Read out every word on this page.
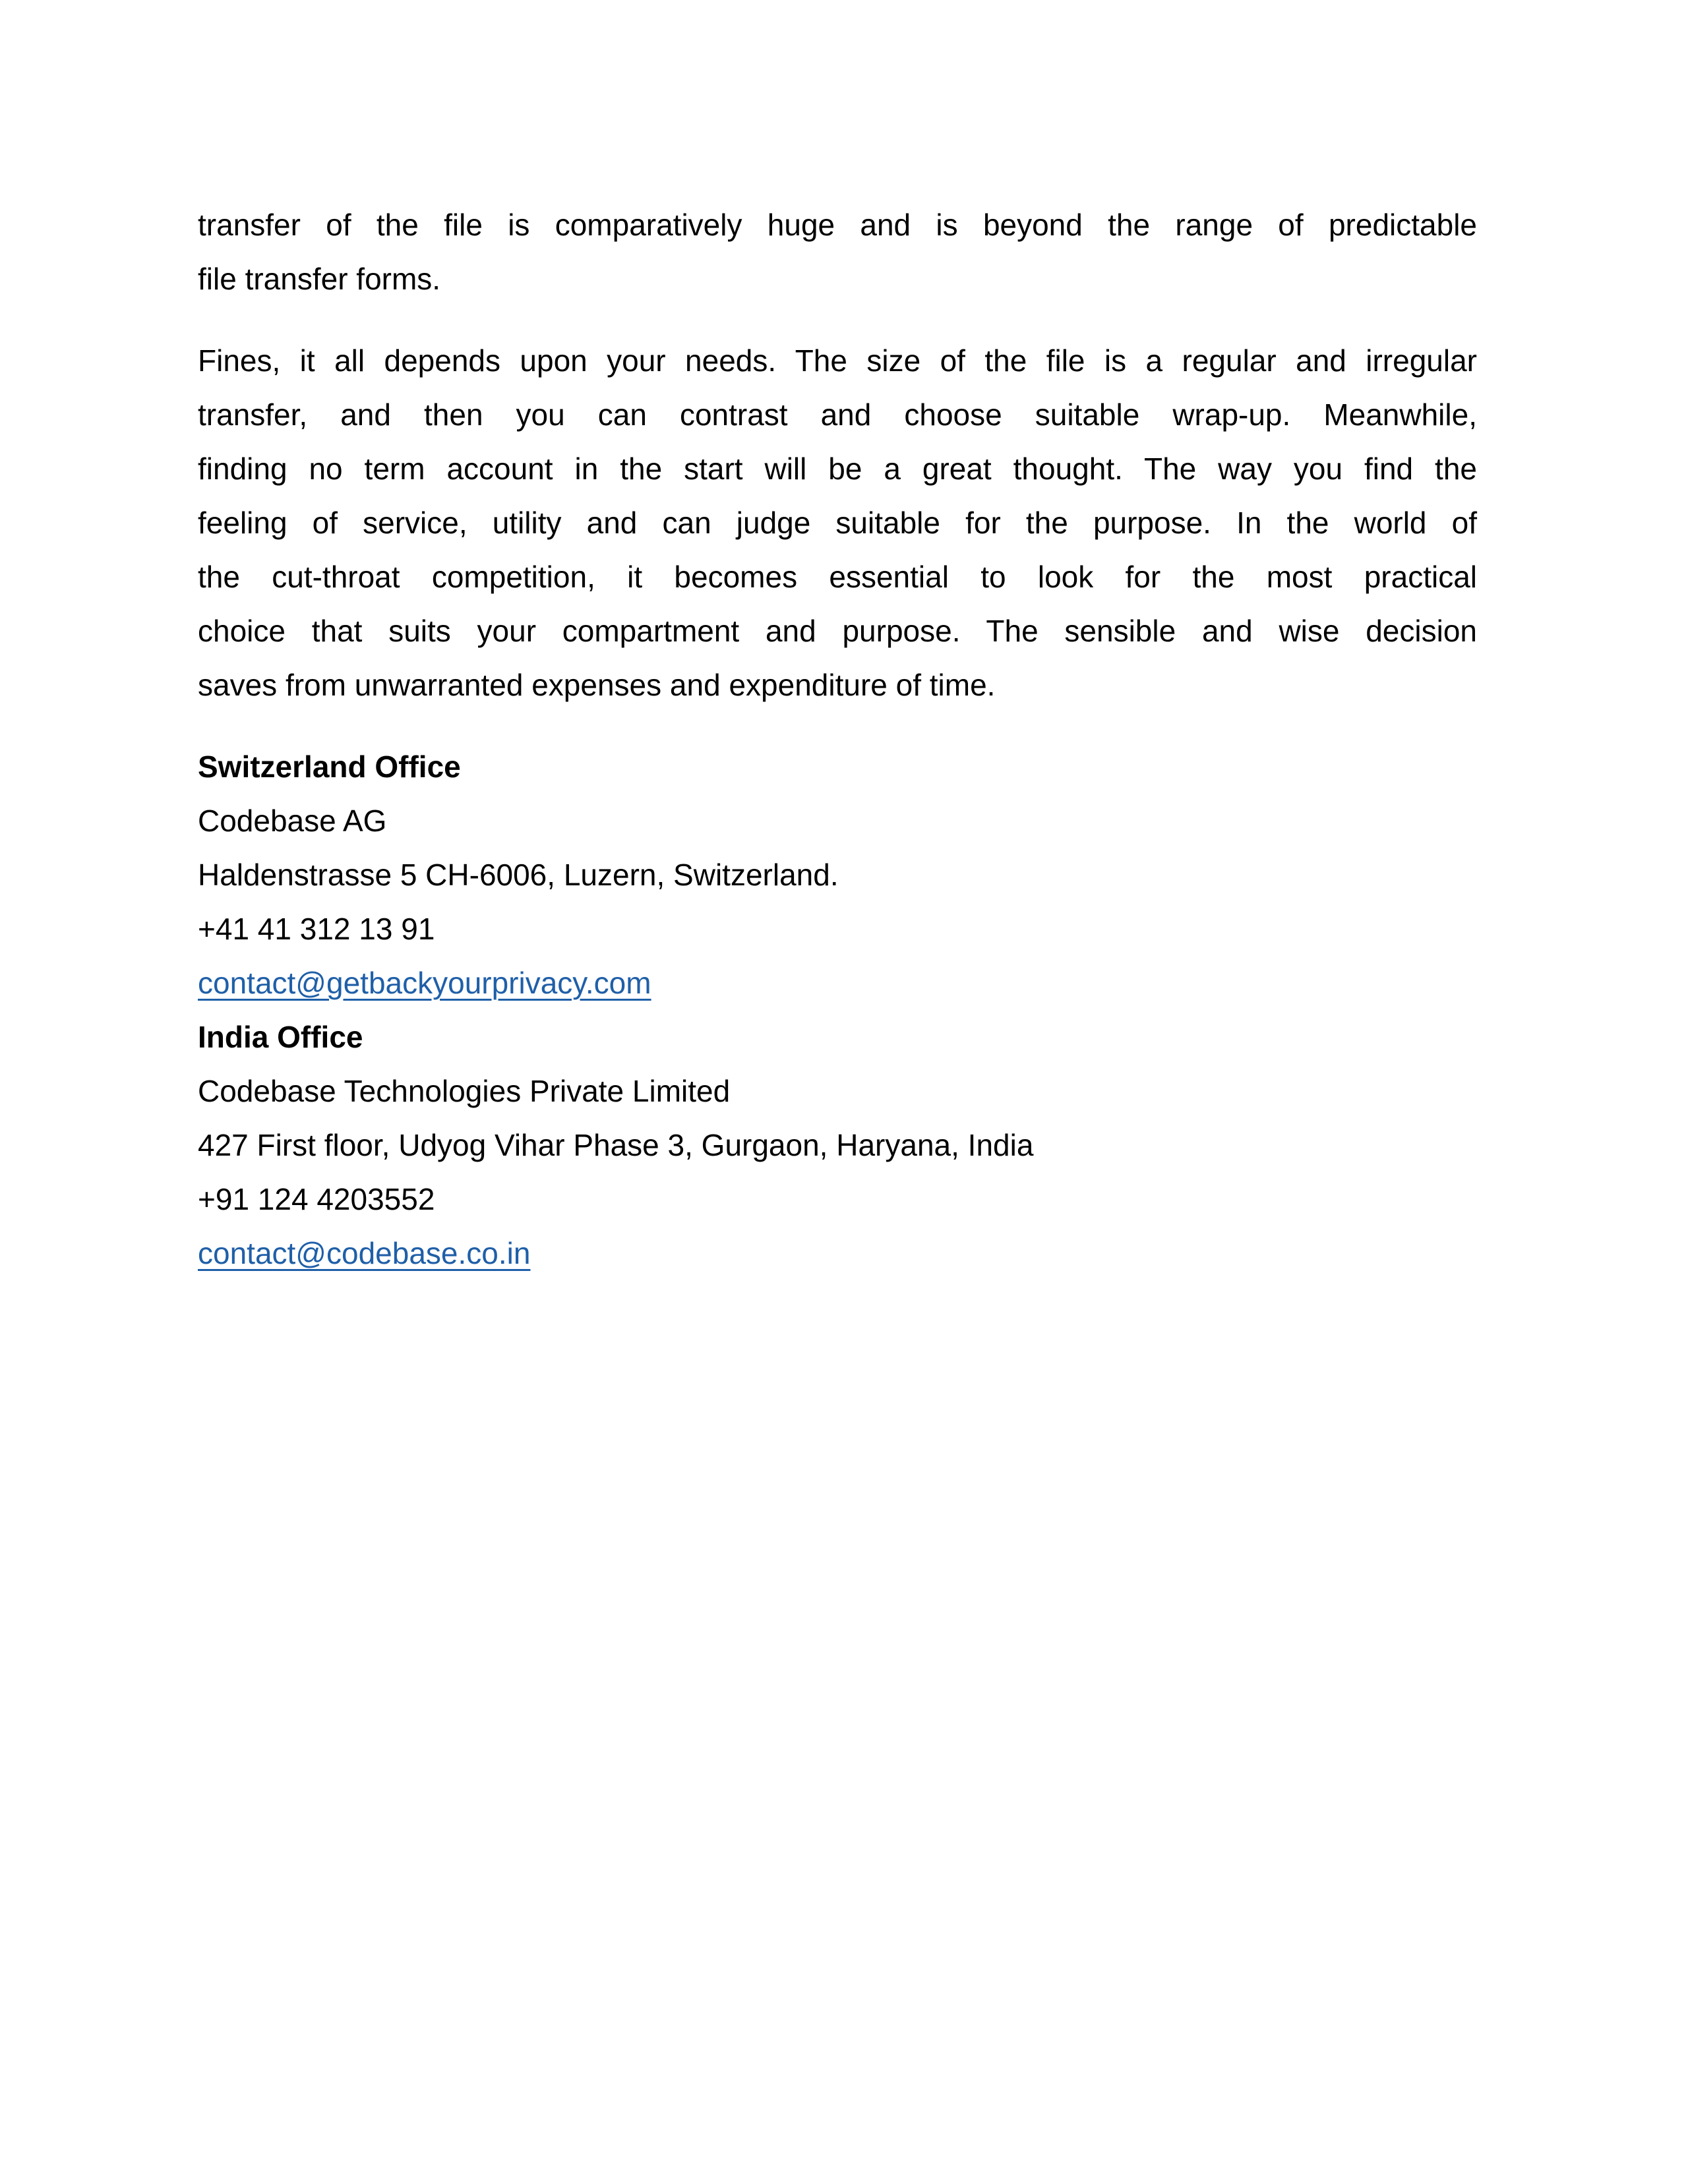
transfer of the file is comparatively huge and is beyond the range of predictable
file transfer forms.

Fines, it all depends upon your needs. The size of the file is a regular and irregular
transfer, and then you can contrast and choose suitable wrap-up. Meanwhile,
finding no term account in the start will be a great thought. The way you find the
feeling of service, utility and can judge suitable for the purpose. In the world of
the cut-throat competition, it becomes essential to look for the most practical
choice that suits your compartment and purpose. The sensible and wise decision
saves from unwarranted expenses and expenditure of time.

Switzerland Office
Codebase AG
Haldenstrasse 5 CH-6006, Luzern, Switzerland.
+41 41 312 13 91
contact@getbackyourprivacy.com
India Office
Codebase Technologies Private Limited
427 First floor, Udyog Vihar Phase 3, Gurgaon, Haryana, India
+91 124 4203552
contact@codebase.co.in
